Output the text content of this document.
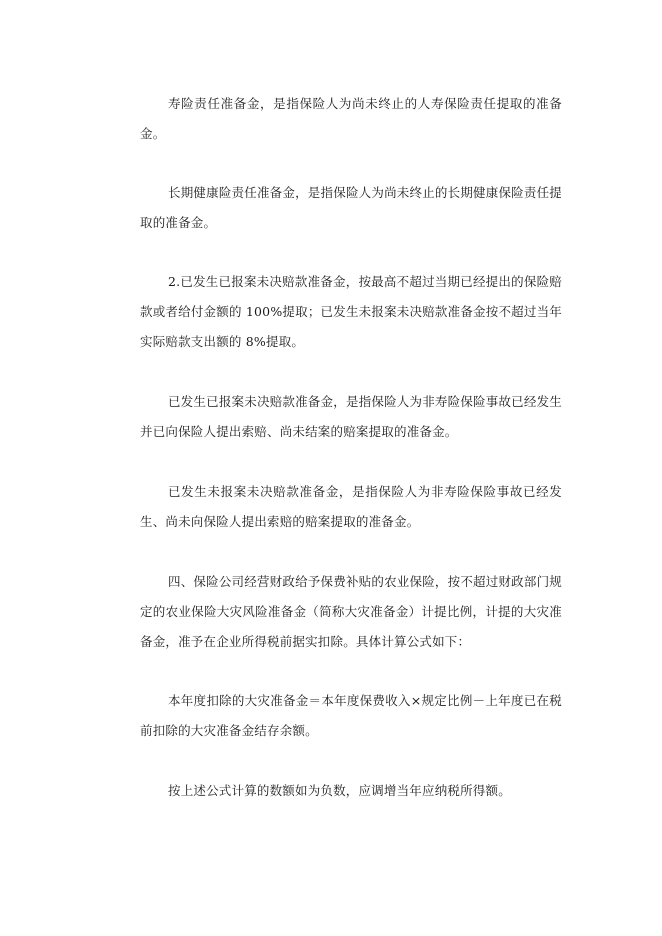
寿险责任准备金，是指保险人为尚未终止的人寿保险责任提取的准备金。

长期健康险责任准备金，是指保险人为尚未终止的长期健康保险责任提取的准备金。

2.已发生已报案未决赔款准备金，按最高不超过当期已经提出的保险赔款或者给付金额的 100%提取；已发生未报案未决赔款准备金按不超过当年实际赔款支出额的 8%提取。

已发生已报案未决赔款准备金，是指保险人为非寿险保险事故已经发生并已向保险人提出索赔、尚未结案的赔案提取的准备金。

已发生未报案未决赔款准备金，是指保险人为非寿险保险事故已经发生、尚未向保险人提出索赔的赔案提取的准备金。

四、保险公司经营财政给予保费补贴的农业保险，按不超过财政部门规定的农业保险大灾风险准备金（简称大灾准备金）计提比例，计提的大灾准备金，准予在企业所得税前据实扣除。具体计算公式如下：

本年度扣除的大灾准备金＝本年度保费收入×规定比例－上年度已在税前扣除的大灾准备金结存余额。

按上述公式计算的数额如为负数，应调增当年应纳税所得额。
